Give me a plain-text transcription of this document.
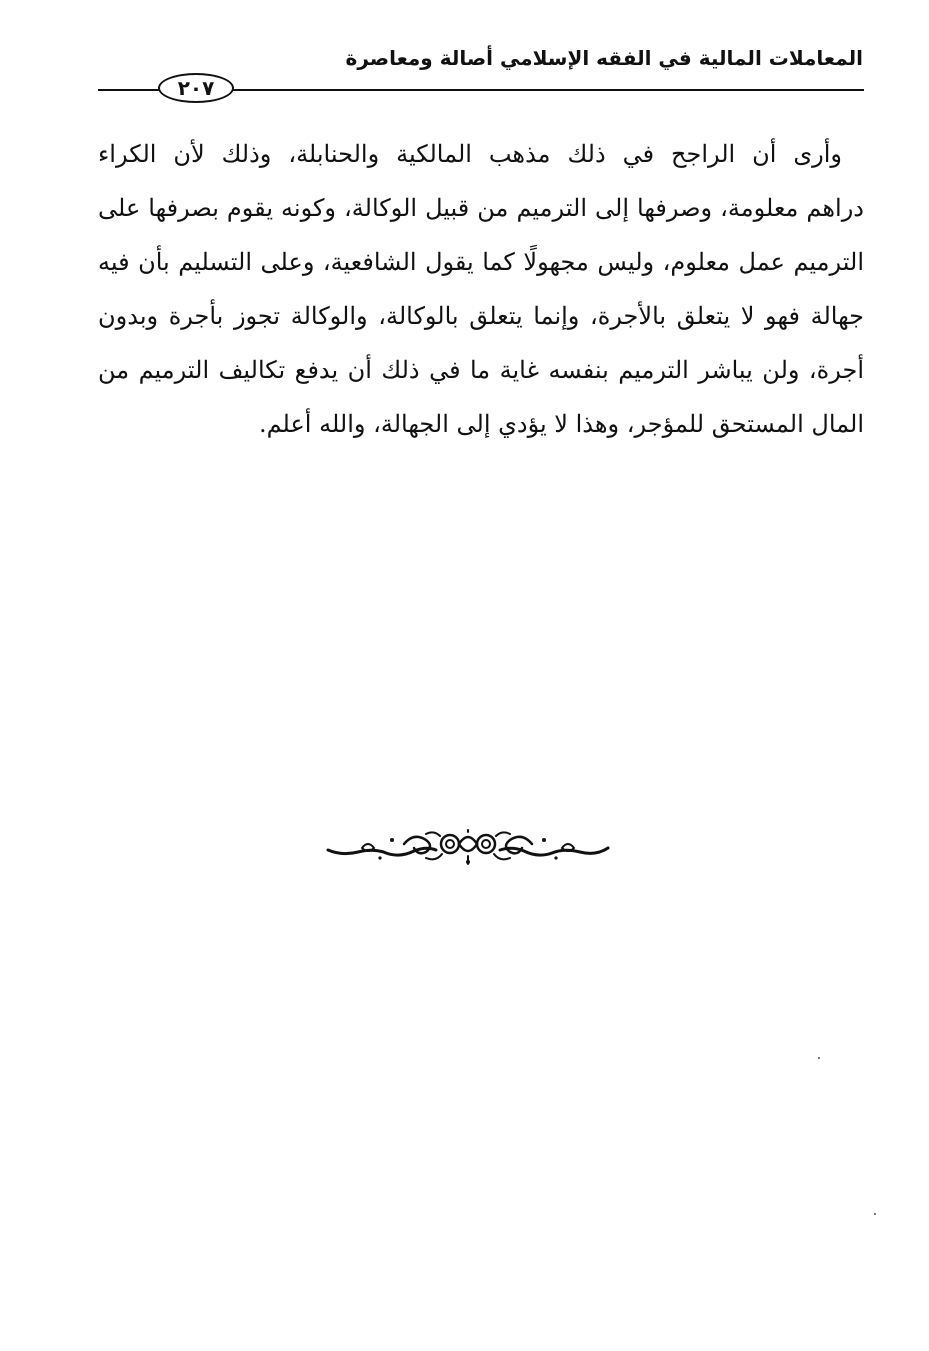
المعاملات المالية في الفقه الإسلامي أصالة ومعاصرة
٢٠٧
وأرى أن الراجح في ذلك مذهب المالكية والحنابلة، وذلك لأن الكراء
دراهم معلومة، وصرفها إلى الترميم من قبيل الوكالة، وكونه يقوم بصرفها على
الترميم عمل معلوم، وليس مجهولًا كما يقول الشافعية، وعلى التسليم بأن فيه
جهالة فهو لا يتعلق بالأجرة، وإنما يتعلق بالوكالة، والوكالة تجوز بأجرة وبدون
أجرة، ولن يباشر الترميم بنفسه غاية ما في ذلك أن يدفع تكاليف الترميم من
المال المستحق للمؤجر، وهذا لا يؤدي إلى الجهالة، والله أعلم.
